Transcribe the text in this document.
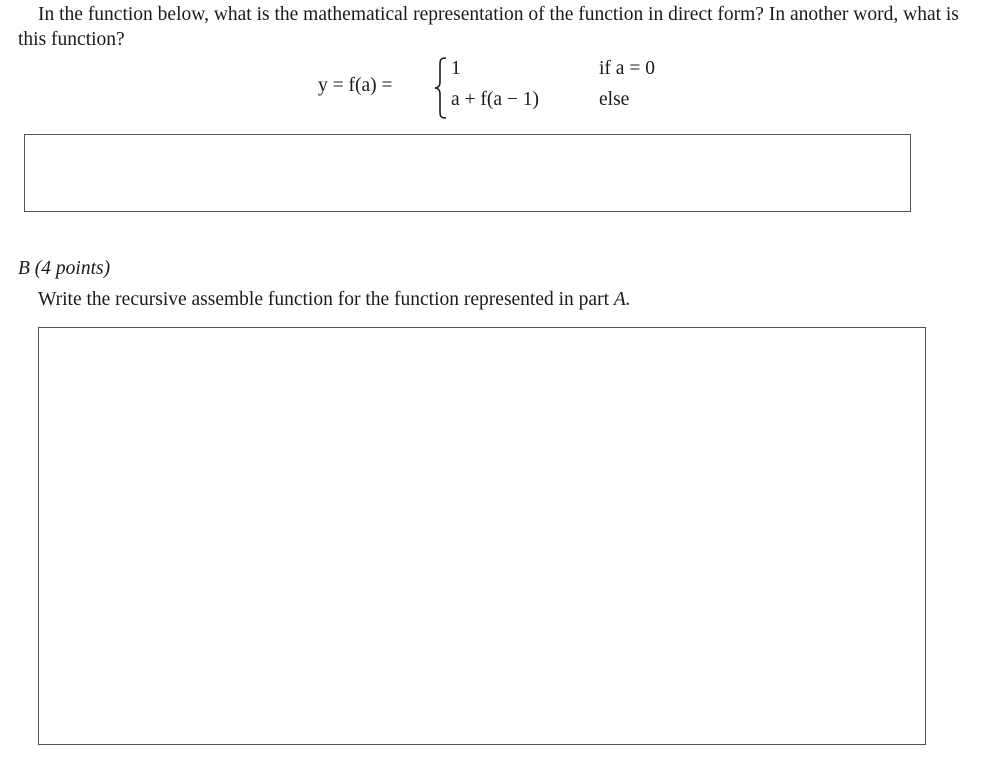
In the function below, what is the mathematical representation of the function in direct form? In another word, what is this function?

y = f(a) =
1	if a = 0
a + f(a − 1)	else

B (4 points)

Write the recursive assemble function for the function represented in part A.
